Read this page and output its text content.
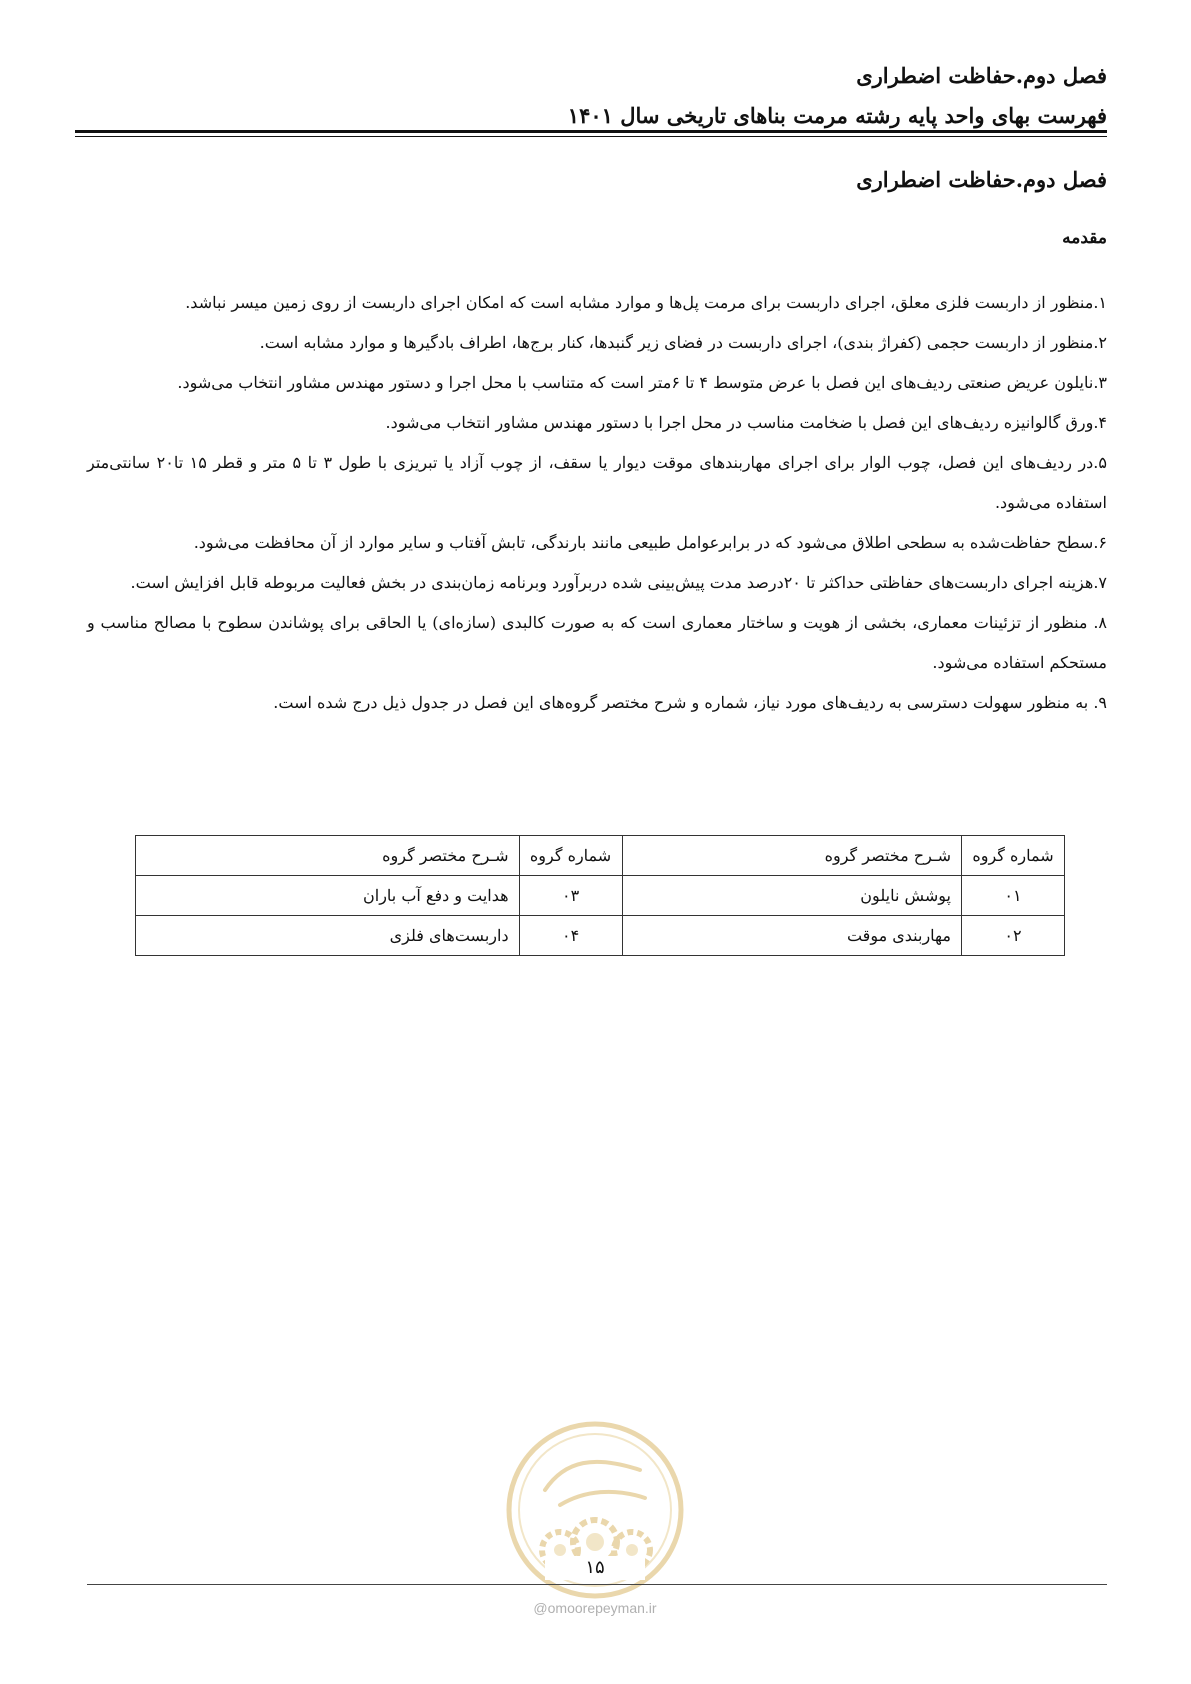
فصل دوم.حفاظت اضطراری
فهرست بهای واحد پایه رشته مرمت بناهای تاریخی سال ۱۴۰۱
فصل دوم.حفاظت اضطراری
مقدمه

۱.منظور از داربست فلزی معلق، اجرای داربست برای مرمت پل‌ها و موارد مشابه است که امکان اجرای داربست از روی زمین میسر نباشد.

۲.منظور از داربست حجمی (کفراژ بندی)، اجرای داربست در فضای زیر گنبدها، کنار برج‌ها، اطراف بادگیرها و موارد مشابه است.

۳.نایلون عریض صنعتی ردیف‌های این فصل با عرض متوسط ۴ تا ۶متر است که متناسب با محل اجرا و دستور مهندس مشاور انتخاب می‌شود.

۴.ورق گالوانیزه ردیف‌های این فصل با ضخامت مناسب در محل اجرا با دستور مهندس مشاور انتخاب می‌شود.

۵.در ردیف‌های این فصل، چوب الوار برای اجرای مهاربندهای موقت دیوار یا سقف، از چوب آزاد یا تبریزی با طول ۳ تا ۵ متر و قطر ۱۵ تا۲۰ سانتی‌متر استفاده می‌شود.

۶.سطح حفاظت‌شده به سطحی اطلاق می‌شود که در برابرعوامل طبیعی مانند بارندگی، تابش آفتاب و سایر موارد از آن محافظت می‌شود.

۷.هزینه اجرای داربست‌های حفاظتی حداکثر تا ۲۰درصد مدت پیش‌بینی شده دربرآورد وبرنامه زمان‌بندی در بخش فعالیت مربوطه قابل افزایش است.

۸. منظور از تزئینات معماری، بخشی از هویت و ساختار معماری است که به صورت کالبدی (سازه‌ای) یا الحاقی برای پوشاندن سطوح با مصالح مناسب و مستحکم استفاده می‌شود.

۹. به منظور سهولت دسترسی به ردیف‌های مورد نیاز، شماره و شرح مختصر گروه‌های این فصل در جدول ذیل درج شده است.

شماره گروه	شـرح مختصر گروه	شماره گروه	شـرح مختصر گروه
۰۱	پوشش نایلون	۰۳	هدایت و دفع آب باران
۰۲	مهاربندی موقت	۰۴	داربست‌های فلزی
۱۵
@omoorepeyman.ir
